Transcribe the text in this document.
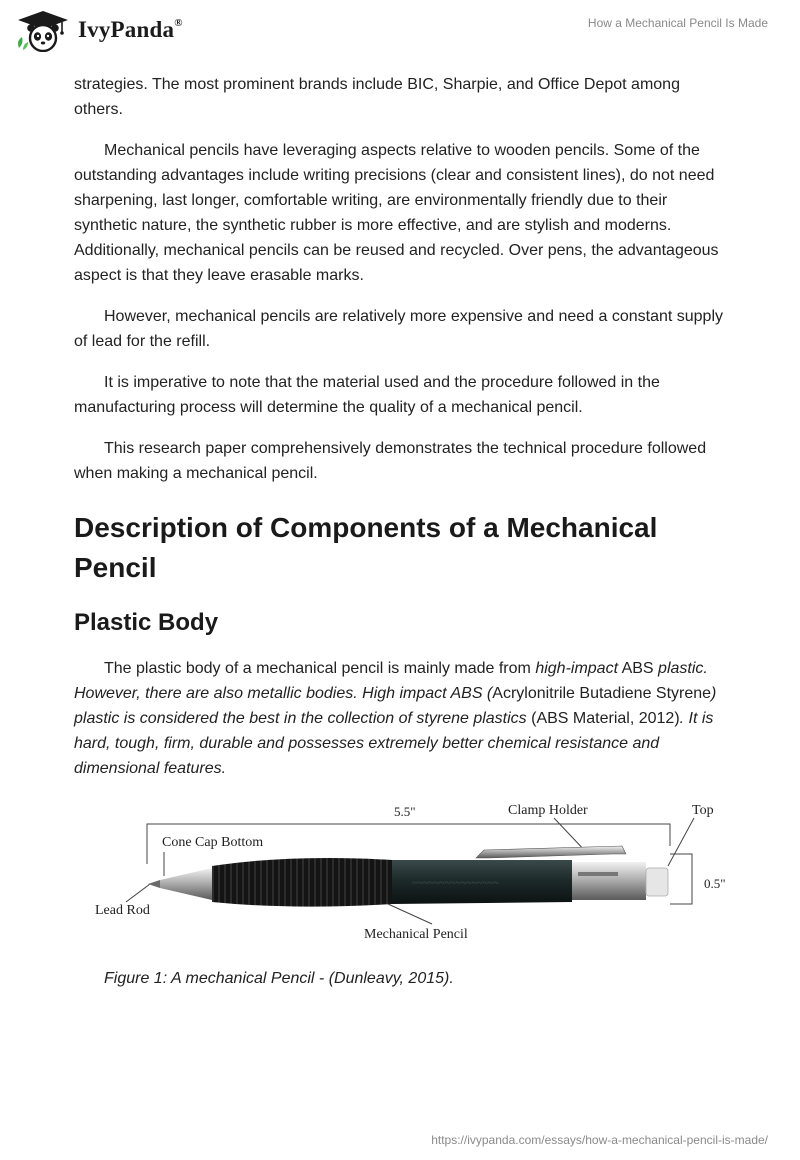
IvyPanda®	How a Mechanical Pencil Is Made

strategies. The most prominent brands include BIC, Sharpie, and Office Depot among others.

Mechanical pencils have leveraging aspects relative to wooden pencils. Some of the outstanding advantages include writing precisions (clear and consistent lines), do not need sharpening, last longer, comfortable writing, are environmentally friendly due to their synthetic nature, the synthetic rubber is more effective, and are stylish and moderns. Additionally, mechanical pencils can be reused and recycled. Over pens, the advantageous aspect is that they leave erasable marks.

However, mechanical pencils are relatively more expensive and need a constant supply of lead for the refill.

It is imperative to note that the material used and the procedure followed in the manufacturing process will determine the quality of a mechanical pencil.

This research paper comprehensively demonstrates the technical procedure followed when making a mechanical pencil.

Description of Components of a Mechanical Pencil
Plastic Body

The plastic body of a mechanical pencil is mainly made from high-impact ABS plastic. However, there are also metallic bodies. High impact ABS (Acrylonitrile Butadiene Styrene) plastic is considered the best in the collection of styrene plastics (ABS Material, 2012). It is hard, tough, firm, durable and possesses extremely better chemical resistance and dimensional features.

5.5"	Clamp Holder	Top
Cone Cap Bottom
Lead Rod
0.5"
~~~~~~~~~~~~~~~~
Mechanical Pencil
Figure 1: A mechanical Pencil - (Dunleavy, 2015).
https://ivypanda.com/essays/how-a-mechanical-pencil-is-made/
